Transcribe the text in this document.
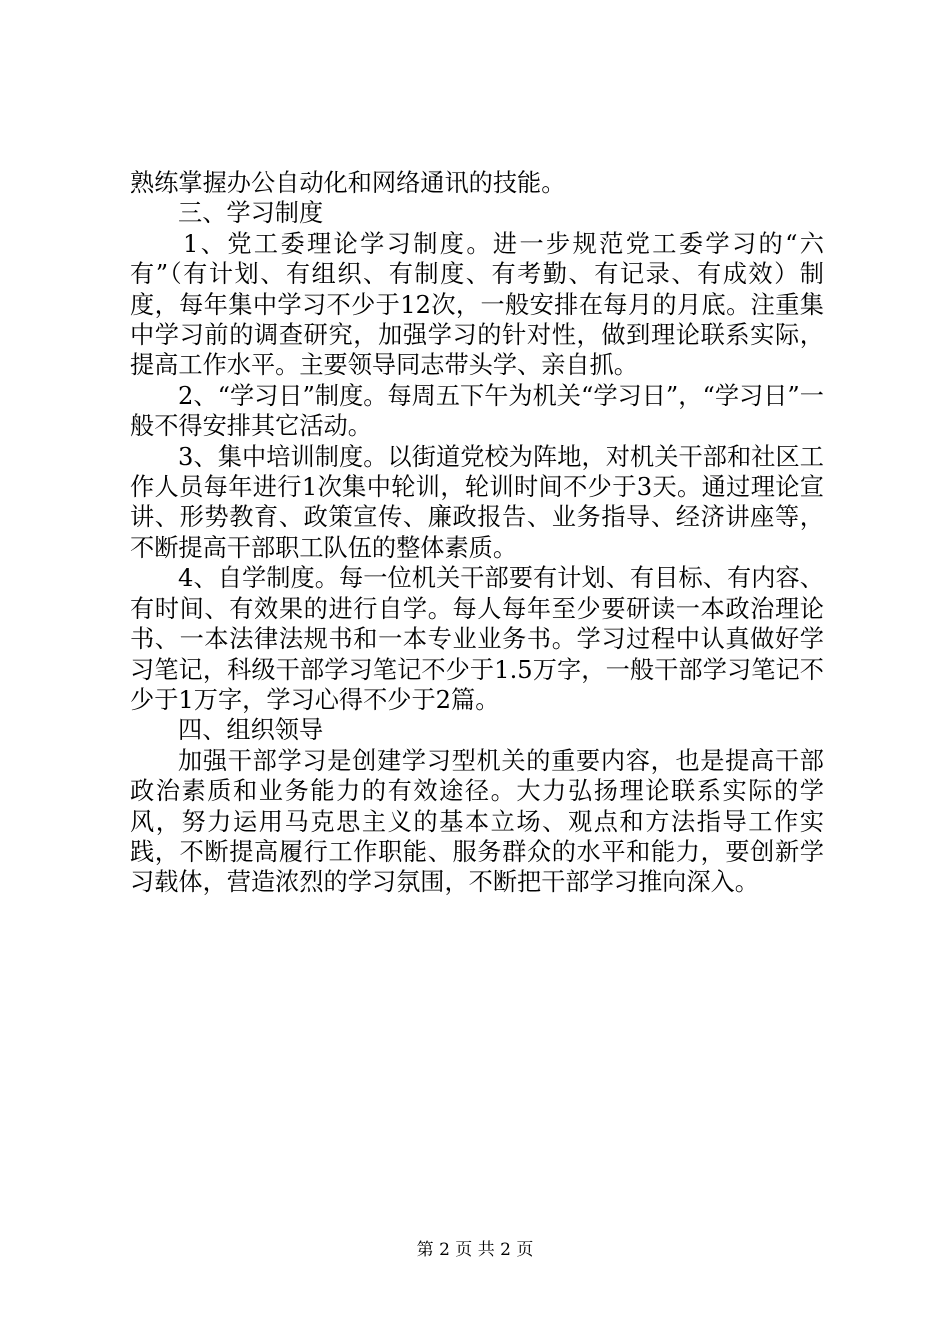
熟练掌握办公自动化和网络通讯的技能。

三、学习制度

1、党工委理论学习制度。进一步规范党工委学习的“六有”（有计划、有组织、有制度、有考勤、有记录、有成效）制度，每年集中学习不少于12次，一般安排在每月的月底。注重集中学习前的调查研究，加强学习的针对性，做到理论联系实际，提高工作水平。主要领导同志带头学、亲自抓。

2、“学习日”制度。每周五下午为机关“学习日”，“学习日”一般不得安排其它活动。

3、集中培训制度。以街道党校为阵地，对机关干部和社区工作人员每年进行1次集中轮训，轮训时间不少于3天。通过理论宣讲、形势教育、政策宣传、廉政报告、业务指导、经济讲座等，不断提高干部职工队伍的整体素质。

4、自学制度。每一位机关干部要有计划、有目标、有内容、有时间、有效果的进行自学。每人每年至少要研读一本政治理论书、一本法律法规书和一本专业业务书。学习过程中认真做好学习笔记，科级干部学习笔记不少于1.5万字，一般干部学习笔记不少于1万字，学习心得不少于2篇。

四、组织领导

加强干部学习是创建学习型机关的重要内容，也是提高干部政治素质和业务能力的有效途径。大力弘扬理论联系实际的学风，努力运用马克思主义的基本立场、观点和方法指导工作实践，不断提高履行工作职能、服务群众的水平和能力，要创新学习载体，营造浓烈的学习氛围，不断把干部学习推向深入。

第 2 页 共 2 页
